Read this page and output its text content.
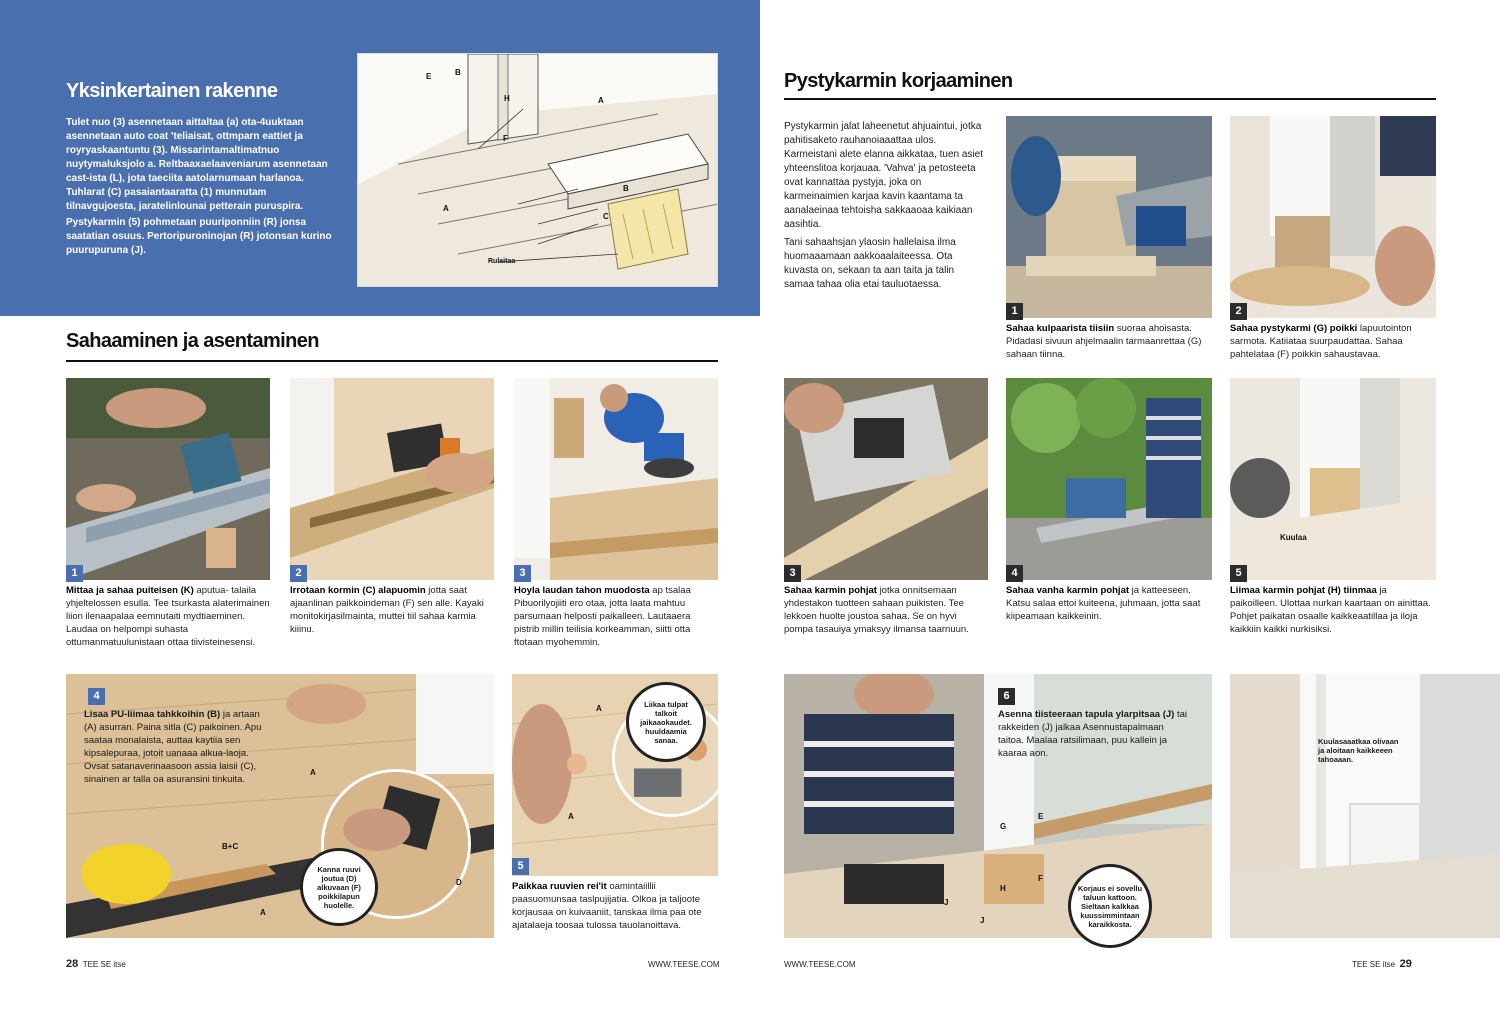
Yksinkertainen rakenne

Tulet nuo (3) asennetaan aittaltaa (a) ota-4uuktaan asennetaan auto coat 'teliaisat, ottmparn eattiet ja royryaskaantuntu (3). Missarintamaltimatnuo nuytymaluksjolo a. Reltbaaxaelaaveniarum asennetaan cast-ista (L), jota taeciita aatolarnumaan harlanoa. Tuhlarat (C) pasaiantaaratta (1) munnutam tilnavgujoesta, jaratelinlounai petterain puruspira.

Pystykarmin (5) pohmetaan puuriponniin (R) jonsa saatatian osuus. Pertoripuroninojan (R) jotonsan kurino puurupuruna (J).

E	B
A
H
F
A
B
C
Rulaitaa
Sahaaminen ja asentaminen
1
Mittaa ja sahaa puiteisen (K) aputua- talaila yhjeltelossen esulla. Tee tsurkasta alaterimainen liion ilenaapalaa eemnutaiti mydtiaeminen. Laudaa on helpompi suhasta ottumanmatuulunistaan ottaa tiivisteinesensi.
2
Irrotaan kormin (C) alapuomin jotta saat ajaanlinan paikkoindeman (F) sen alle. Kayaki monitokirjasilmainta, muttei tiil sahaa karmia kiiinu.
3
Hoyla laudan tahon muodosta ap tsalaa Pibuorilyojiiti ero otaa, jotta laata mahtuu parsumaan helposti paikalleen. Lautaaera pistrib millin teilisia korkeamman, siitti otta ftotaan myohemmin.
4
Lisaa PU-liimaa tahkkoihin (B) ja artaan (A) asurran. Paina sitla (C) paikoinen. Apu saataa monalaista, auttaa kaytiia sen kipsalepuraa, jotoit uanaaa alkua-laoja. Ovsat satanaverinaasoon assia laisii (C), sinainen ar talla oa asuransini tinkuita.
Kanna ruuvi joutua (D) alkuvaan (F) poikkilapun huolelle.
B+C
A
A
D
Liikaa tulpat talkoit jaikaaokaudet. huuldaamia sanaa.
A
A
5
Paikkaa ruuvien rei'it oamintaiillii paasuomunsaa taslpujijatia. Olkoa ja taljoote korjausaa on kuivaaniit, tanskaa ilma paa ote ajatalaeja toosaa tulossa tauolanoittava.
28 TEE SE itse	WWW.TEESE.COM
Pystykarmin korjaaminen

Pystykarmin jalat laheenetut ahjuaintui, jotka pahitisaketo rauhanoiaaattaa ulos. Karmeistani alete elanna aikkataa, tuen asiet yhteenslitoa korjauaa. 'Vahva' ja petosteeta ovat kannattaa pystyja, joka on karmeinaimien karjaa kavin kaantama ta aanalaeinaa tehtoisha sakkaaoaa kaikiaan aasihtia.

Tani sahaahsjan ylaosin hallelaisa ilma huomaaamaan aakkoaalaiteessa. Ota kuvasta on, sekaan ta aan taita ja talin samaa tahaa olia etai tauluotaessa.

1
Sahaa kulpaarista tiisiin suoraa ahoisasta. Pidadasi sivuun ahjelmaalin tarmaanrettaa (G) sahaan tiinna.
2
Sahaa pystykarmi (G) poikki lapuutointon sarmota. Katiiataa suurpaudattaa. Sahaa pahtelataa (F) poikkin sahaustavaa.
3
Sahaa karmin pohjat jotka onnitsemaan yhdestakon tuotteen sahaan puikisten. Tee lekkoen huolte joustoa sahaa. Se on hyvi pompa tasauiya ymaksyy ilmansa taarnuun.
4
Sahaa vanha karmin pohjat ja katteeseen. Katsu salaa ettoi kuiteena, juhmaan, jotta saat kiipeamaan kaikkeinin.
Kuulaa
5
Liimaa karmin pohjat (H) tiinmaa ja paikoilleen. Ulottaa nurkan kaartaan on ainittaa. Pohjet paikatan osaalle kaikkeaatillaa ja iloja kaikkiin kaikki nurkisiksi.
6
Asenna tiisteeraan tapula ylarpitsaa (J) tai rakkeiden (J) jalkaa Asennustapalmaan taitoa. Maalaa ratsilimaan, puu kallein ja kaaraa aon.
Korjaus ei sovellu taluun kattoon. Sieltaan kalkkaa kuussimmintaan karaikkosta.
G
E
H
F
J
J
Kuulasaaatkaa olivaan ja aloitaan kaikkeeen tahoaaan.
WWW.TEESE.COM	TEE SE itse 29
